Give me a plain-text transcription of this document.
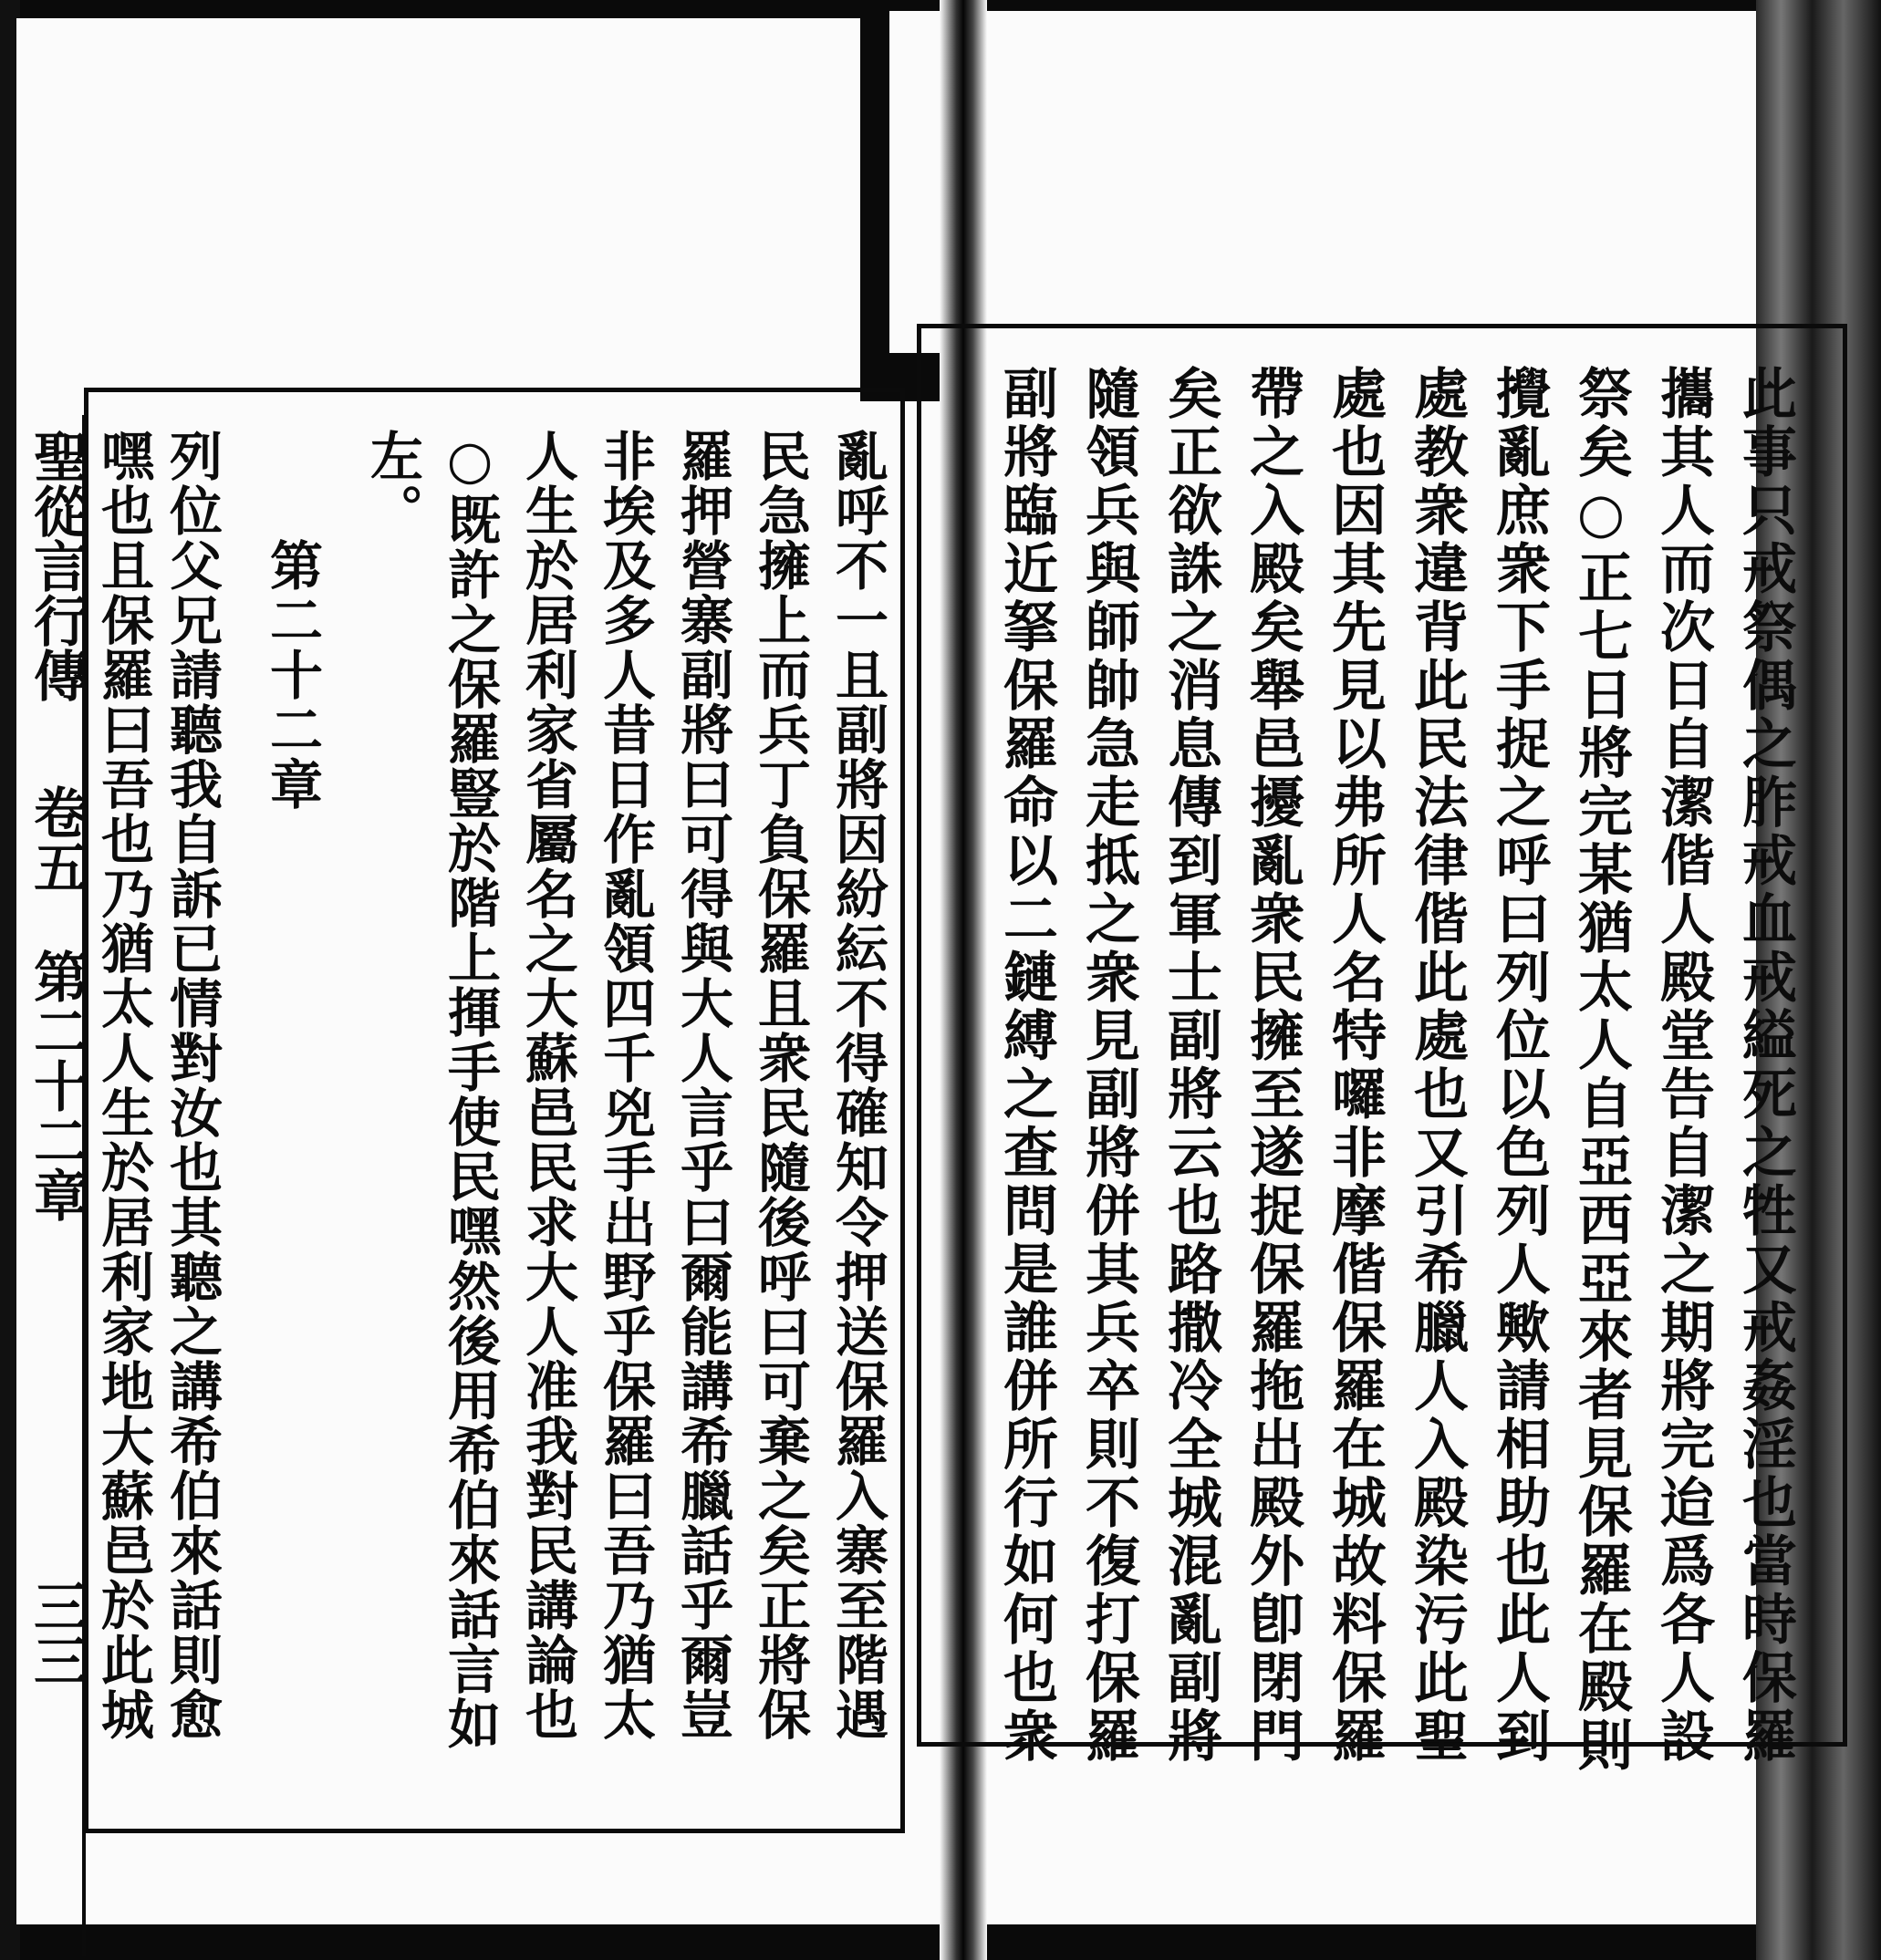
聖從言行傳
卷五
第二十二章
三三	此事只戒祭偶之胙戒血戒縊死之牲又戒姦淫也當時保羅
攜其人而次日自潔偕人殿堂告自潔之期將完迨爲各人設
祭矣○正七日將完某猶太人自亞西亞來者見保羅在殿則
攪亂庶衆下手捉之呼曰列位以色列人歟請相助也此人到
處教衆違背此民法律偕此處也又引希臘人入殿染污此聖
處也因其先見以弗所人名特囉非摩偕保羅在城故料保羅
帶之入殿矣舉邑擾亂衆民擁至遂捉保羅拖出殿外卽閉門
矣正欲誅之消息傳到軍士副將云也路撒冷全城混亂副將
隨領兵與師帥急走抵之衆見副將併其兵卒則不復打保羅
副將臨近拏保羅命以二鏈縛之查問是誰併所行如何也衆
亂呼不一且副將因紛紜不得確知令押送保羅入寨至階遇
民急擁上而兵丁負保羅且衆民隨後呼曰可棄之矣正將保
羅押營寨副將曰可得與大人言乎曰爾能講希臘話乎爾豈
非埃及多人昔日作亂領四千兇手出野乎保羅曰吾乃猶太
人生於居利家省屬名之大蘇邑民求大人准我對民講論也
○既許之保羅豎於階上揮手使民嘿然後用希伯來話言如
左。
第二十二章
列位父兄請聽我自訴已情對汝也其聽之講希伯來話則愈
嘿也且保羅曰吾也乃猶太人生於居利家地大蘇邑於此城
